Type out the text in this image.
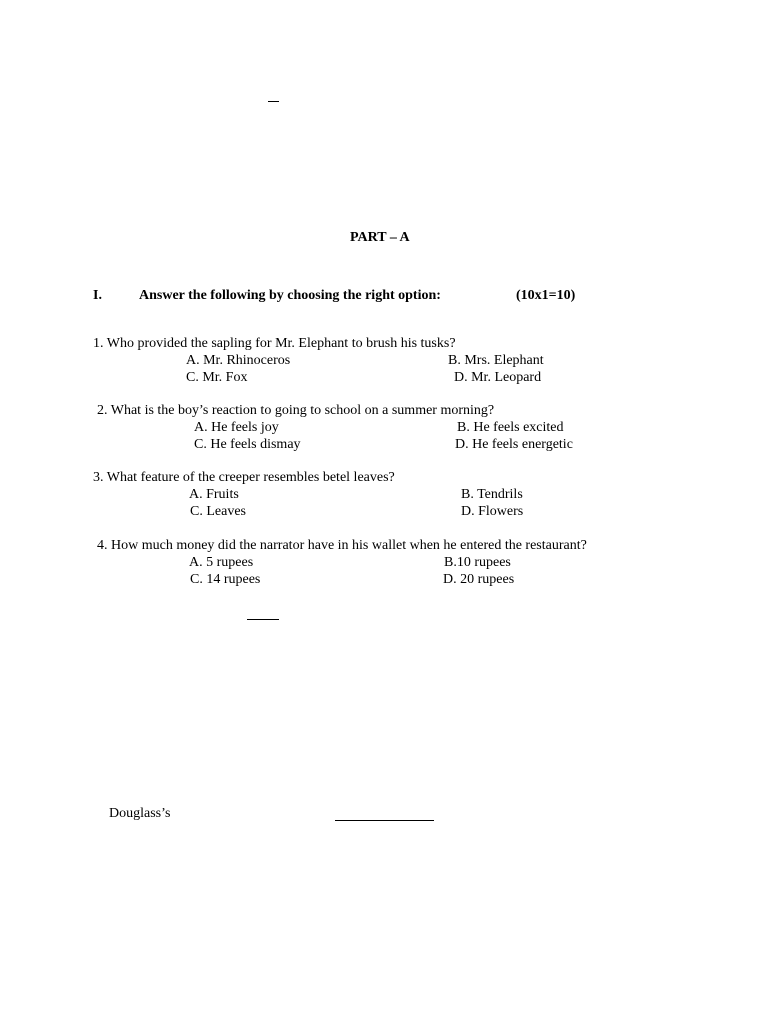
PART – A
I.	Answer the following by choosing the right option:	(10x1=10)
1. Who provided the sapling for Mr. Elephant to brush his tusks?
A. Mr. Rhinoceros	B. Mrs. Elephant
C. Mr. Fox	D. Mr. Leopard
2. What is the boy’s reaction to going to school on a summer morning?
A. He feels joy	B. He feels excited
C. He feels dismay	D. He feels energetic
3. What feature of the creeper resembles betel leaves?
A. Fruits	B. Tendrils
C. Leaves	D. Flowers
4. How much money did the narrator have in his wallet when he entered the restaurant?
A. 5 rupees	B.10 rupees
C. 14 rupees	D. 20 rupees
Douglass’s
